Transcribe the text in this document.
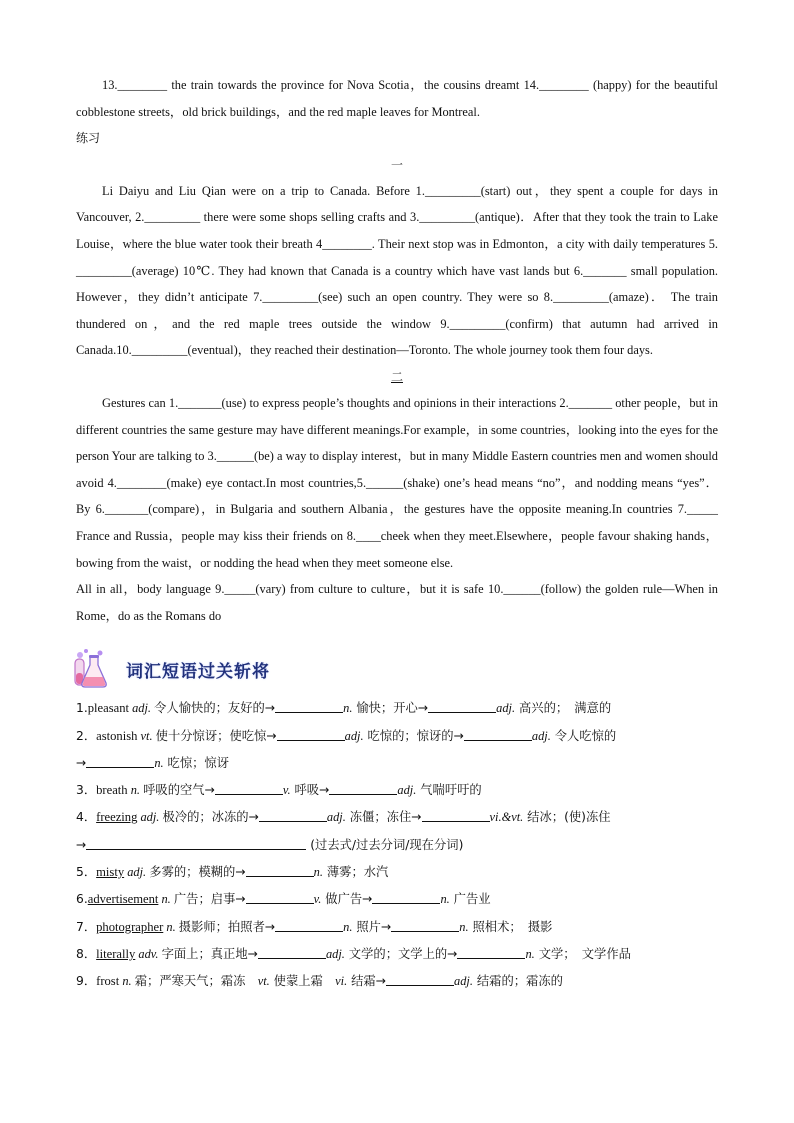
13.________ the train towards the province for Nova Scotia，the cousins dreamt 14.________ (happy) for the beautiful cobblestone streets，old brick buildings，and the red maple leaves for Montreal.

练习

一

Li Daiyu and Liu Qian were on a trip to Canada. Before 1._________(start) out，they spent a couple for days in Vancouver, 2._________ there were some shops selling crafts and 3._________(antique)．After that they took the train to Lake Louise，where the blue water took their breath 4________. Their next stop was in Edmonton，a city with daily temperatures 5. _________(average) 10℃. They had known that Canada is a country which have vast lands but 6._______ small population. However，they didn’t anticipate 7._________(see) such an open country. They were so 8._________(amaze)． The train thundered on，and the red maple trees outside the window 9._________(confirm) that autumn had arrived in Canada.10._________(eventual)，they reached their destination—Toronto. The whole journey took them four days.

二

Gestures can 1._______(use) to express people’s thoughts and opinions in their interactions 2._______ other people，but in different countries the same gesture may have different meanings.For example，in some countries，looking into the eyes for the person Your are talking to 3.______(be) a way to display interest，but in many Middle Eastern countries men and women should avoid 4.________(make) eye contact.In most countries,5.______(shake) one’s head means “no”，and nodding means “yes”． By 6._______(compare)，in Bulgaria and southern Albania，the gestures have the opposite meaning.In countries 7._____ France and Russia，people may kiss their friends on 8.____cheek when they meet.Elsewhere，people favour shaking hands，bowing from the waist，or nodding the head when they meet someone else.

All in all，body language 9._____(vary) from culture to culture，but it is safe 10.______(follow) the golden rule—When in Rome，do as the Romans do

词汇短语过关斩将

1.pleasant adj. 令人愉快的；友好的→	n. 愉快；开心→	adj. 高兴的；　满意的

2．astonish vt. 使十分惊讶；使吃惊→	adj. 吃惊的；惊讶的→	adj. 令人吃惊的

→	n. 吃惊；惊讶

3．breath n. 呼吸的空气→	v. 呼吸→	adj. 气喘吁吁的

4．freezing adj. 极冷的；冰冻的→	adj. 冻僵；冻住→	vi.&vt. 结冰；(使)冻住

→	(过去式/过去分词/现在分词)

5．misty adj. 多雾的；模糊的→	n. 薄雾；水汽

6.advertisement n. 广告；启事→	v. 做广告→	n. 广告业

7．photographer n. 摄影师；拍照者→	n. 照片→	n. 照相术；　摄影

8．literally adv. 字面上；真正地→	adj. 文学的；文学上的→	n. 文学；　文学作品

9．frost n. 霜；严寒天气；霜冻　vt. 使蒙上霜　vi. 结霜→	adj. 结霜的；霜冻的
